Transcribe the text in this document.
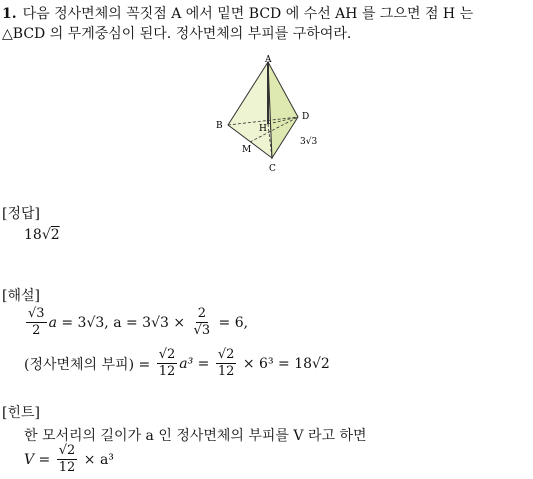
1. 다음 정사면체의 꼭짓점 A 에서 밑면 BCD 에 수선 AH 를 그으면 점 H 는
△BCD 의 무게중심이 된다. 정사면체의 부피를 구하여라.
A
B
C
D
H
M
3√3
[정답]
18√2
[해설]
$\frac{√3}{2}$ a = 3√3, $a = 3√3 \times \frac{2}{√3} = 6$,
(정사면체의 부피) = $\frac{√2}{12} a^3 = \frac{√2}{12} \times 6^3 = 18√2$
[힌트]
한 모서리의 길이가 a 인 정사면체의 부피를 V 라고 하면
$V = \frac{√2}{12} \times a^3$
